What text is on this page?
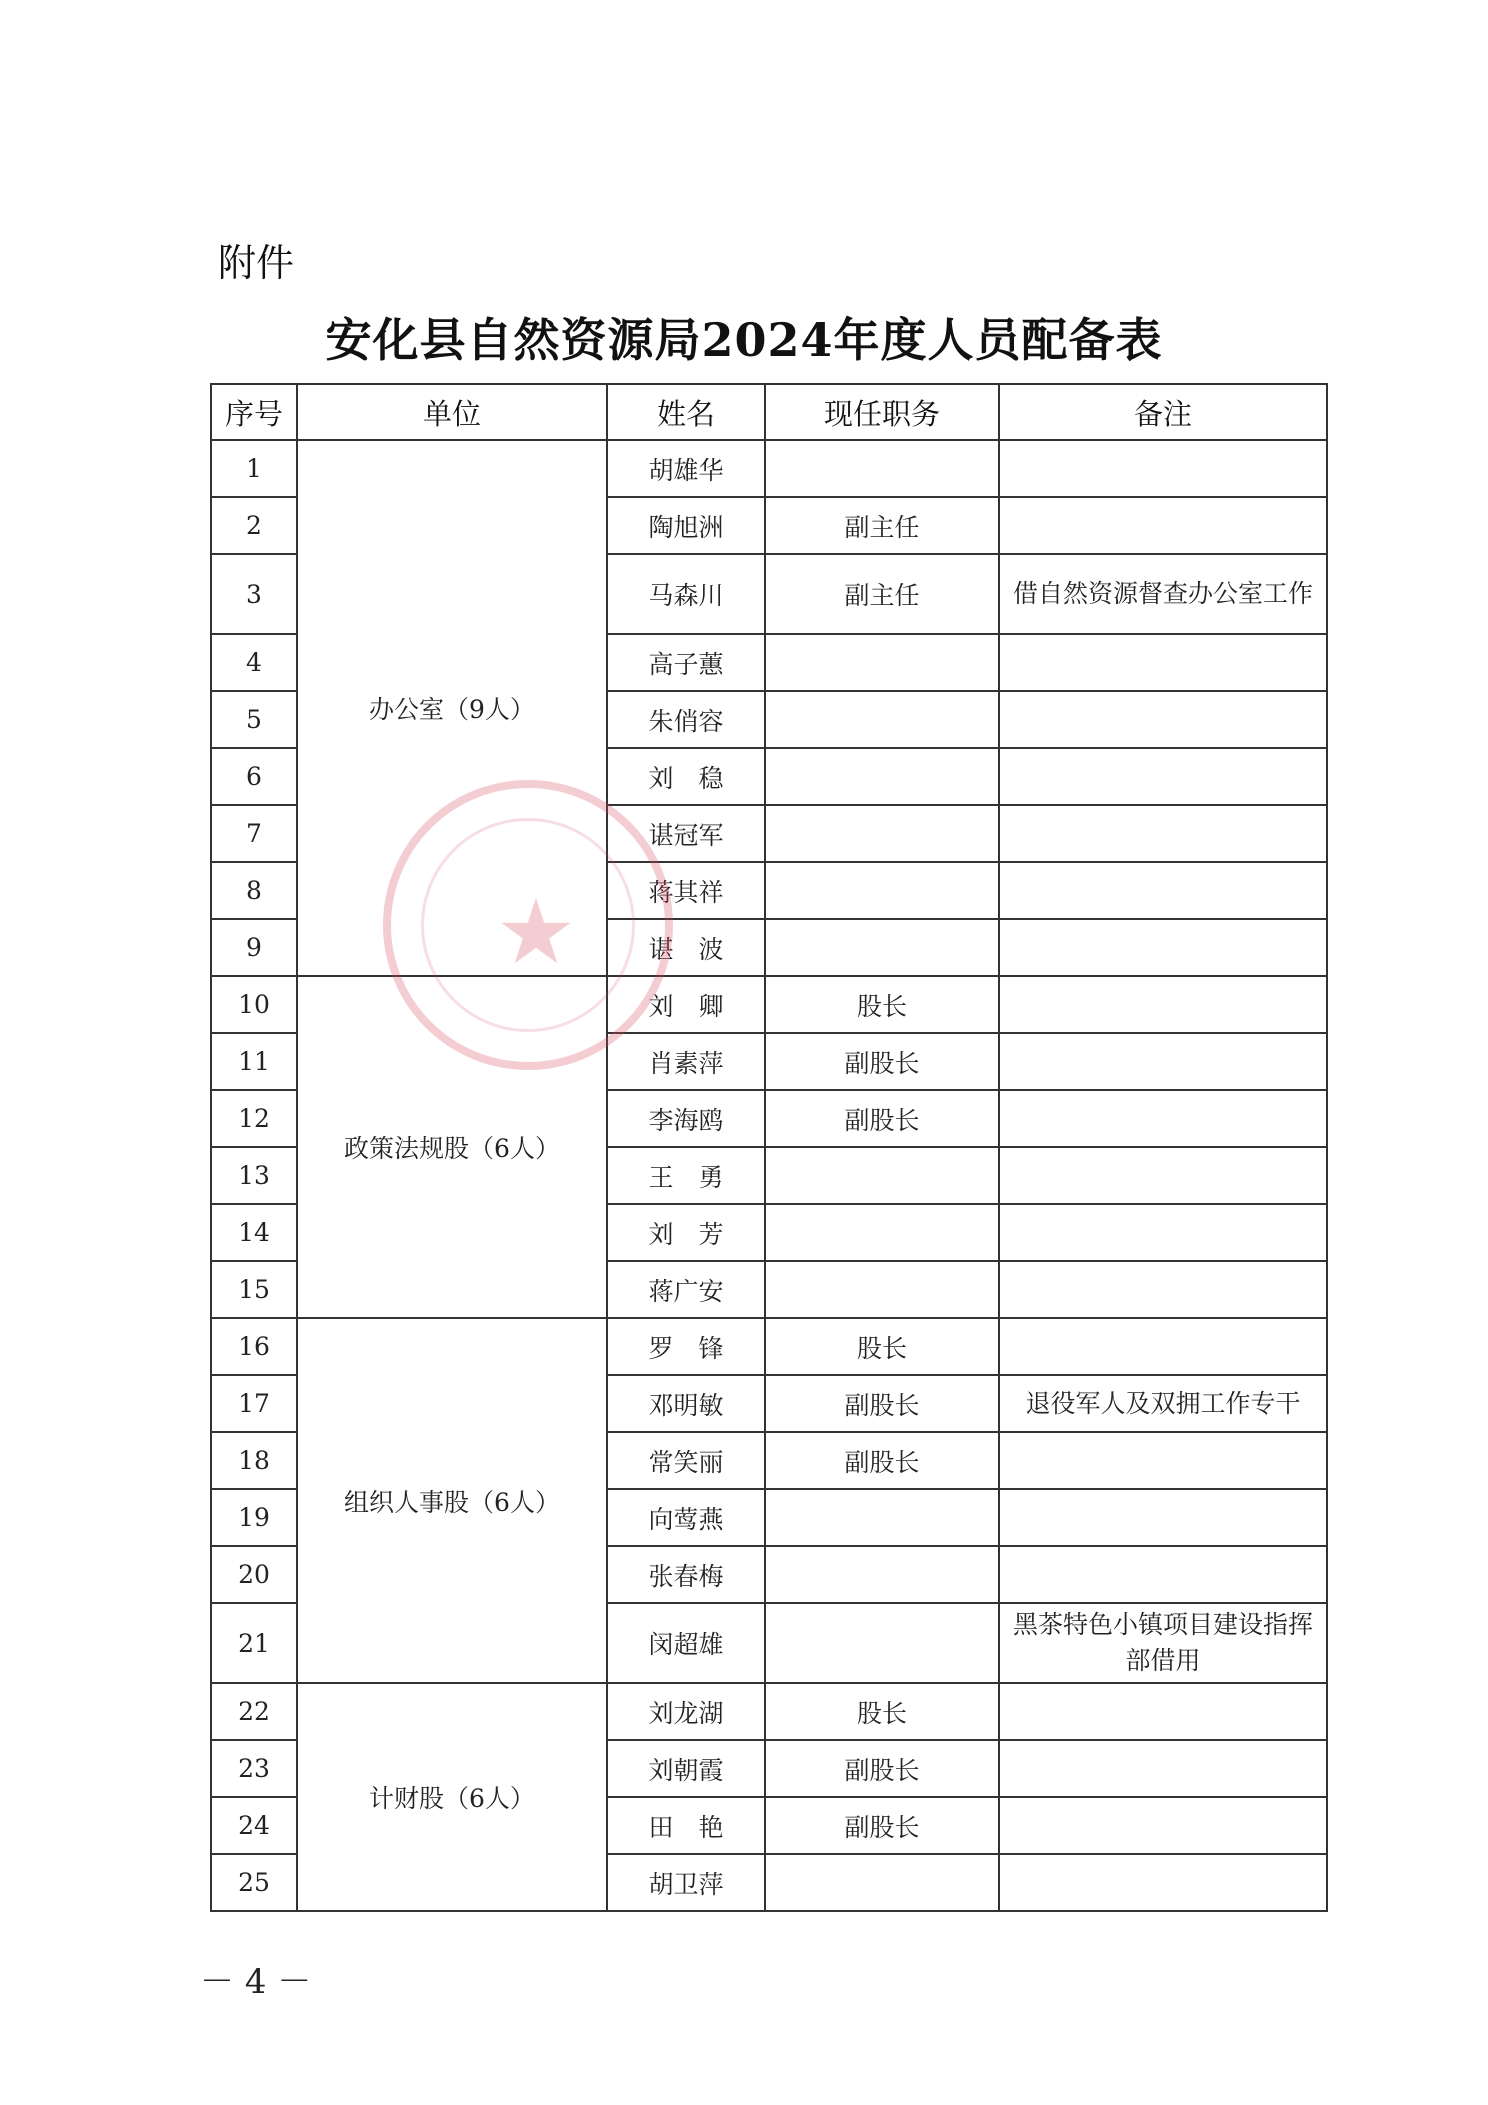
附件
安化县自然资源局2024年度人员配备表
序号	单位	姓名	现任职务	备注
1	办公室（9人）	胡雄华		
2		陶旭洲	副主任	
3		马森川	副主任	借自然资源督查办公室工作
4		高子蕙		
5		朱俏容		
6		刘　稳		
7		谌冠军		
8		蒋其祥		
9		谌　波		
10	政策法规股（6人）	刘　卿	股长	
11		肖素萍	副股长	
12		李海鸥	副股长	
13		王　勇		
14		刘　芳		
15		蒋广安		
16	组织人事股（6人）	罗　锋	股长	
17		邓明敏	副股长	退役军人及双拥工作专干
18		常笑丽	副股长	
19		向莺燕		
20		张春梅		
21		闵超雄		黑茶特色小镇项目建设指挥部借用
22	计财股（6人）	刘龙湖	股长	
23		刘朝霞	副股长	
24		田　艳	副股长	
25		胡卫萍		
★
－ 4 －
